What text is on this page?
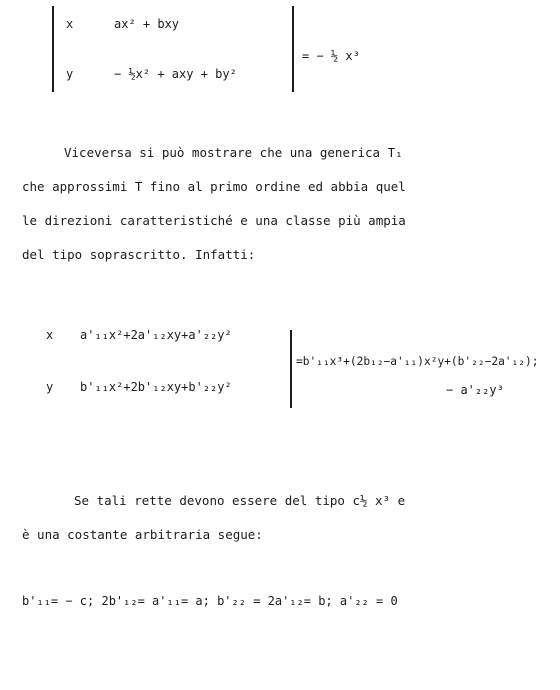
x	ax² + bxy
y	− ½x² + axy + by²
= − ½ x³
Viceversa si può mostrare che una generica T₁
che approssimi T fino al primo ordine ed abbia quel
le direzioni caratteristiché e una classe più ampia
del tipo soprascritto. Infatti:
x a'₁₁x²+2a'₁₂xy+a'₂₂y²
y b'₁₁x²+2b'₁₂xy+b'₂₂y²
=b'₁₁x³+(2b₁₂−a'₁₁)x²y+(b'₂₂−2a'₁₂);
− a'₂₂y³
Se tali rette devono essere del tipo c½ x³ e
è una costante arbitraria segue:
b'₁₁= − c; 2b'₁₂= a'₁₁= a; b'₂₂ = 2a'₁₂= b; a'₂₂ = 0
